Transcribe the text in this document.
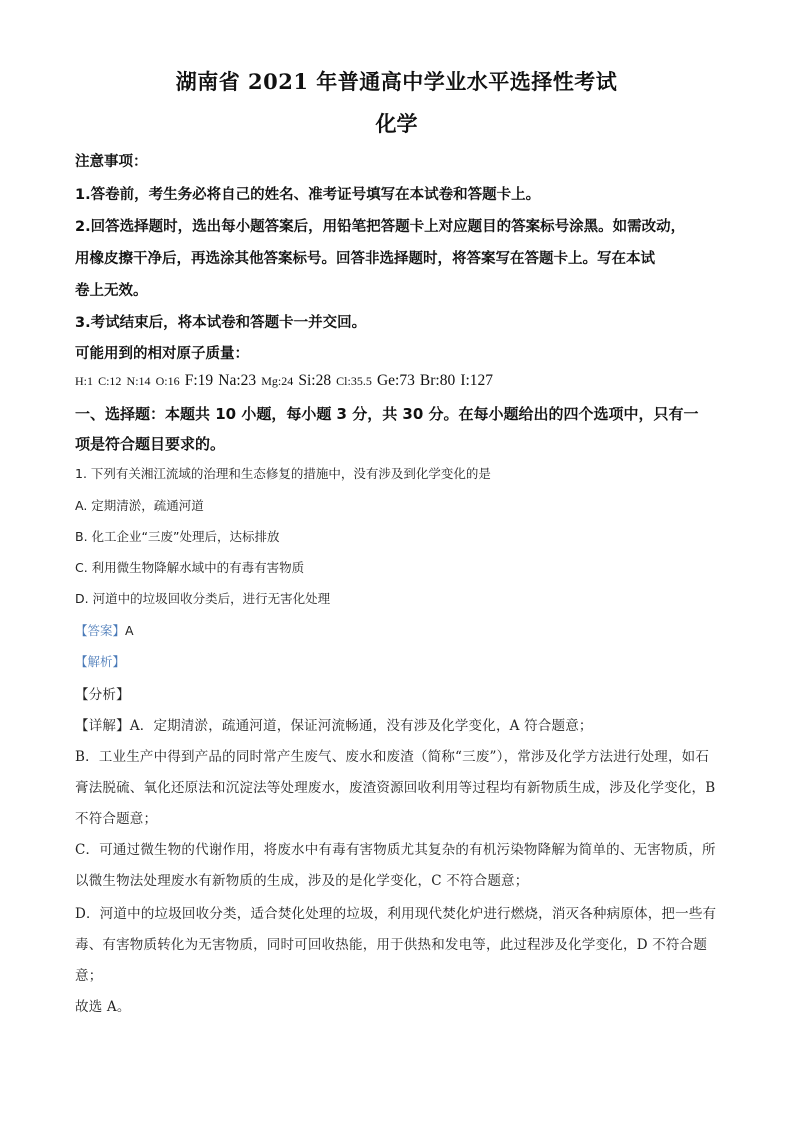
湖南省 2021 年普通高中学业水平选择性考试
化学
注意事项：
1.答卷前，考生务必将自己的姓名、准考证号填写在本试卷和答题卡上。
2.回答选择题时，选出每小题答案后，用铅笔把答题卡上对应题目的答案标号涂黑。如需改动，
用橡皮擦干净后，再选涂其他答案标号。回答非选择题时，将答案写在答题卡上。写在本试
卷上无效。
3.考试结束后，将本试卷和答题卡一并交回。
可能用到的相对原子质量：
H:1 C:12 N:14 O:16 F:19 Na:23 Mg:24 Si:28 Cl:35.5 Ge:73 Br:80 I:127
一、选择题：本题共 10 小题，每小题 3 分，共 30 分。在每小题给出的四个选项中，只有一
项是符合题目要求的。
1. 下列有关湘江流域的治理和生态修复的措施中，没有涉及到化学变化的是
A. 定期清淤，疏通河道
B. 化工企业“三废”处理后，达标排放
C. 利用微生物降解水域中的有毒有害物质
D. 河道中的垃圾回收分类后，进行无害化处理
【答案】A
【解析】
【分析】
【详解】A．定期清淤，疏通河道，保证河流畅通，没有涉及化学变化，A 符合题意；
B．工业生产中得到产品的同时常产生废气、废水和废渣（简称“三废”），常涉及化学方法进行处理，如石
膏法脱硫、氧化还原法和沉淀法等处理废水，废渣资源回收利用等过程均有新物质生成，涉及化学变化，B
不符合题意；
C．可通过微生物的代谢作用，将废水中有毒有害物质尤其复杂的有机污染物降解为简单的、无害物质，所
以微生物法处理废水有新物质的生成，涉及的是化学变化，C 不符合题意；
D．河道中的垃圾回收分类，适合焚化处理的垃圾，利用现代焚化炉进行燃烧，消灭各种病原体，把一些有
毒、有害物质转化为无害物质，同时可回收热能，用于供热和发电等，此过程涉及化学变化，D 不符合题
意；
故选 A。
